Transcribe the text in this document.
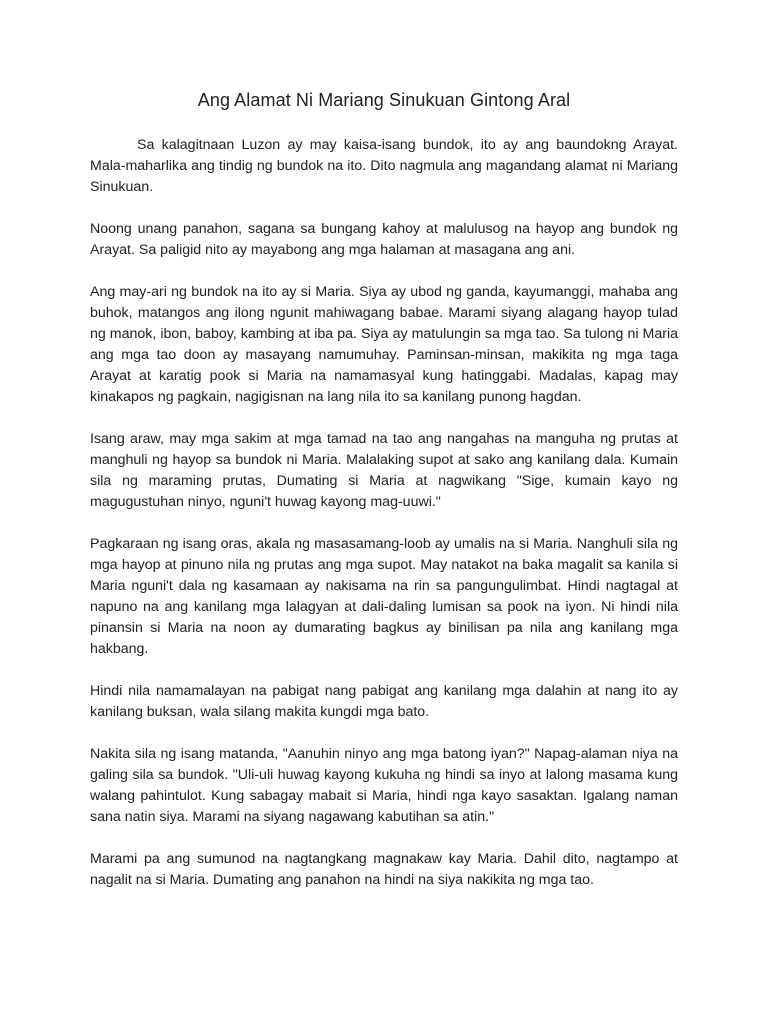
Ang Alamat Ni Mariang Sinukuan Gintong Aral

Sa kalagitnaan Luzon ay may kaisa-isang bundok, ito ay ang baundokng Arayat. Mala-maharlika ang tindig ng bundok na ito. Dito nagmula ang magandang alamat ni Mariang Sinukuan.

Noong unang panahon, sagana sa bungang kahoy at malulusog na hayop ang bundok ng Arayat. Sa paligid nito ay mayabong ang mga halaman at masagana ang ani.

Ang may-ari ng bundok na ito ay si Maria. Siya ay ubod ng ganda, kayumanggi, mahaba ang buhok, matangos ang ilong ngunit mahiwagang babae. Marami siyang alagang hayop tulad ng manok, ibon, baboy, kambing at iba pa. Siya ay matulungin sa mga tao. Sa tulong ni Maria ang mga tao doon ay masayang namumuhay. Paminsan-minsan, makikita ng mga taga Arayat at karatig pook si Maria na namamasyal kung hatinggabi. Madalas, kapag may kinakapos ng pagkain, nagigisnan na lang nila ito sa kanilang punong hagdan.

Isang araw, may mga sakim at mga tamad na tao ang nangahas na manguha ng prutas at manghuli ng hayop sa bundok ni Maria. Malalaking supot at sako ang kanilang dala. Kumain sila ng maraming prutas, Dumating si Maria at nagwikang "Sige, kumain kayo ng magugustuhan ninyo, nguni't huwag kayong mag-uuwi."

Pagkaraan ng isang oras, akala ng masasamang-loob ay umalis na si Maria. Nanghuli sila ng mga hayop at pinuno nila ng prutas ang mga supot. May natakot na baka magalit sa kanila si Maria nguni't dala ng kasamaan ay nakisama na rin sa pangungulimbat. Hindi nagtagal at napuno na ang kanilang mga lalagyan at dali-daling lumisan sa pook na iyon. Ni hindi nila pinansin si Maria na noon ay dumarating bagkus ay binilisan pa nila ang kanilang mga hakbang.

Hindi nila namamalayan na pabigat nang pabigat ang kanilang mga dalahin at nang ito ay kanilang buksan, wala silang makita kungdi mga bato.

Nakita sila ng isang matanda, "Aanuhin ninyo ang mga batong iyan?" Napag-alaman niya na galing sila sa bundok. "Uli-uli huwag kayong kukuha ng hindi sa inyo at lalong masama kung walang pahintulot. Kung sabagay mabait si Maria, hindi nga kayo sasaktan. Igalang naman sana natin siya. Marami na siyang nagawang kabutihan sa atin."

Marami pa ang sumunod na nagtangkang magnakaw kay Maria. Dahil dito, nagtampo at nagalit na si Maria. Dumating ang panahon na hindi na siya nakikita ng mga tao.
